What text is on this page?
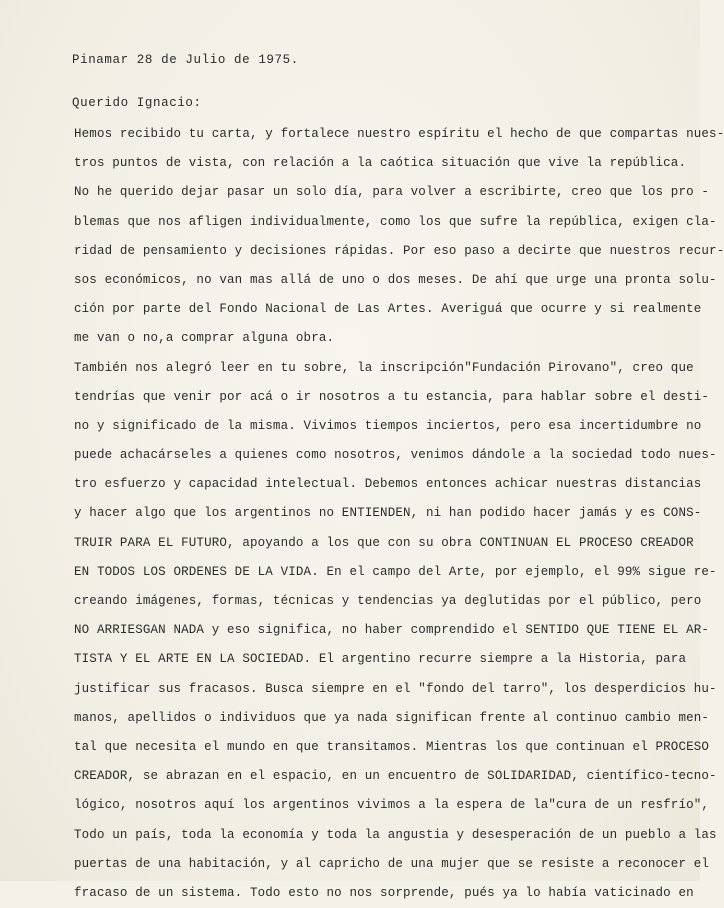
Pinamar 28 de Julio de 1975.
Querido Ignacio:
Hemos recibido tu carta, y fortalece nuestro espíritu el hecho de que compartas nues-
tros puntos de vista, con relación a la caótica situación que vive la república.
No he querido dejar pasar un solo día, para volver a escribirte, creo que los pro -
blemas que nos afligen individualmente, como los que sufre la república, exigen cla-
ridad de pensamiento y decisiones rápidas. Por eso paso a decirte que nuestros recur-
sos económicos, no van mas allá de uno o dos meses. De ahí que urge una pronta solu-
ción por parte del Fondo Nacional de Las Artes. Averiguá que ocurre y si realmente
me van o no,a comprar alguna obra.
También nos alegró leer en tu sobre, la inscripción"Fundación Pirovano", creo que
tendrías que venir por acá o ir nosotros a tu estancia, para hablar sobre el desti-
no y significado de la misma. Vivimos tiempos inciertos, pero esa incertidumbre no
puede achacárseles a quienes como nosotros, venimos dándole a la sociedad todo nues-
tro esfuerzo y capacidad intelectual. Debemos entonces achicar nuestras distancias
y hacer algo que los argentinos no ENTIENDEN, ni han podido hacer jamás y es CONS-
TRUIR PARA EL FUTURO, apoyando a los que con su obra CONTINUAN EL PROCESO CREADOR
EN TODOS LOS ORDENES DE LA VIDA. En el campo del Arte, por ejemplo, el 99% sigue re-
creando imágenes, formas, técnicas y tendencias ya deglutidas por el público, pero
NO ARRIESGAN NADA y eso significa, no haber comprendido el SENTIDO QUE TIENE EL AR-
TISTA Y EL ARTE EN LA SOCIEDAD. El argentino recurre siempre a la Historia, para
justificar sus fracasos. Busca siempre en el "fondo del tarro", los desperdicios hu-
manos, apellidos o individuos que ya nada significan frente al continuo cambio men-
tal que necesita el mundo en que transitamos. Mientras los que continuan el PROCESO
CREADOR, se abrazan en el espacio, en un encuentro de SOLIDARIDAD, científico-tecno-
lógico, nosotros aquí los argentinos vivimos a la espera de la"cura de un resfrío",
Todo un país, toda la economía y toda la angustia y desesperación de un pueblo a las
puertas de una habitación, y al capricho de una mujer que se resiste a reconocer el
fracaso de un sistema. Todo esto no nos sorprende, pués ya lo había vaticinado en
